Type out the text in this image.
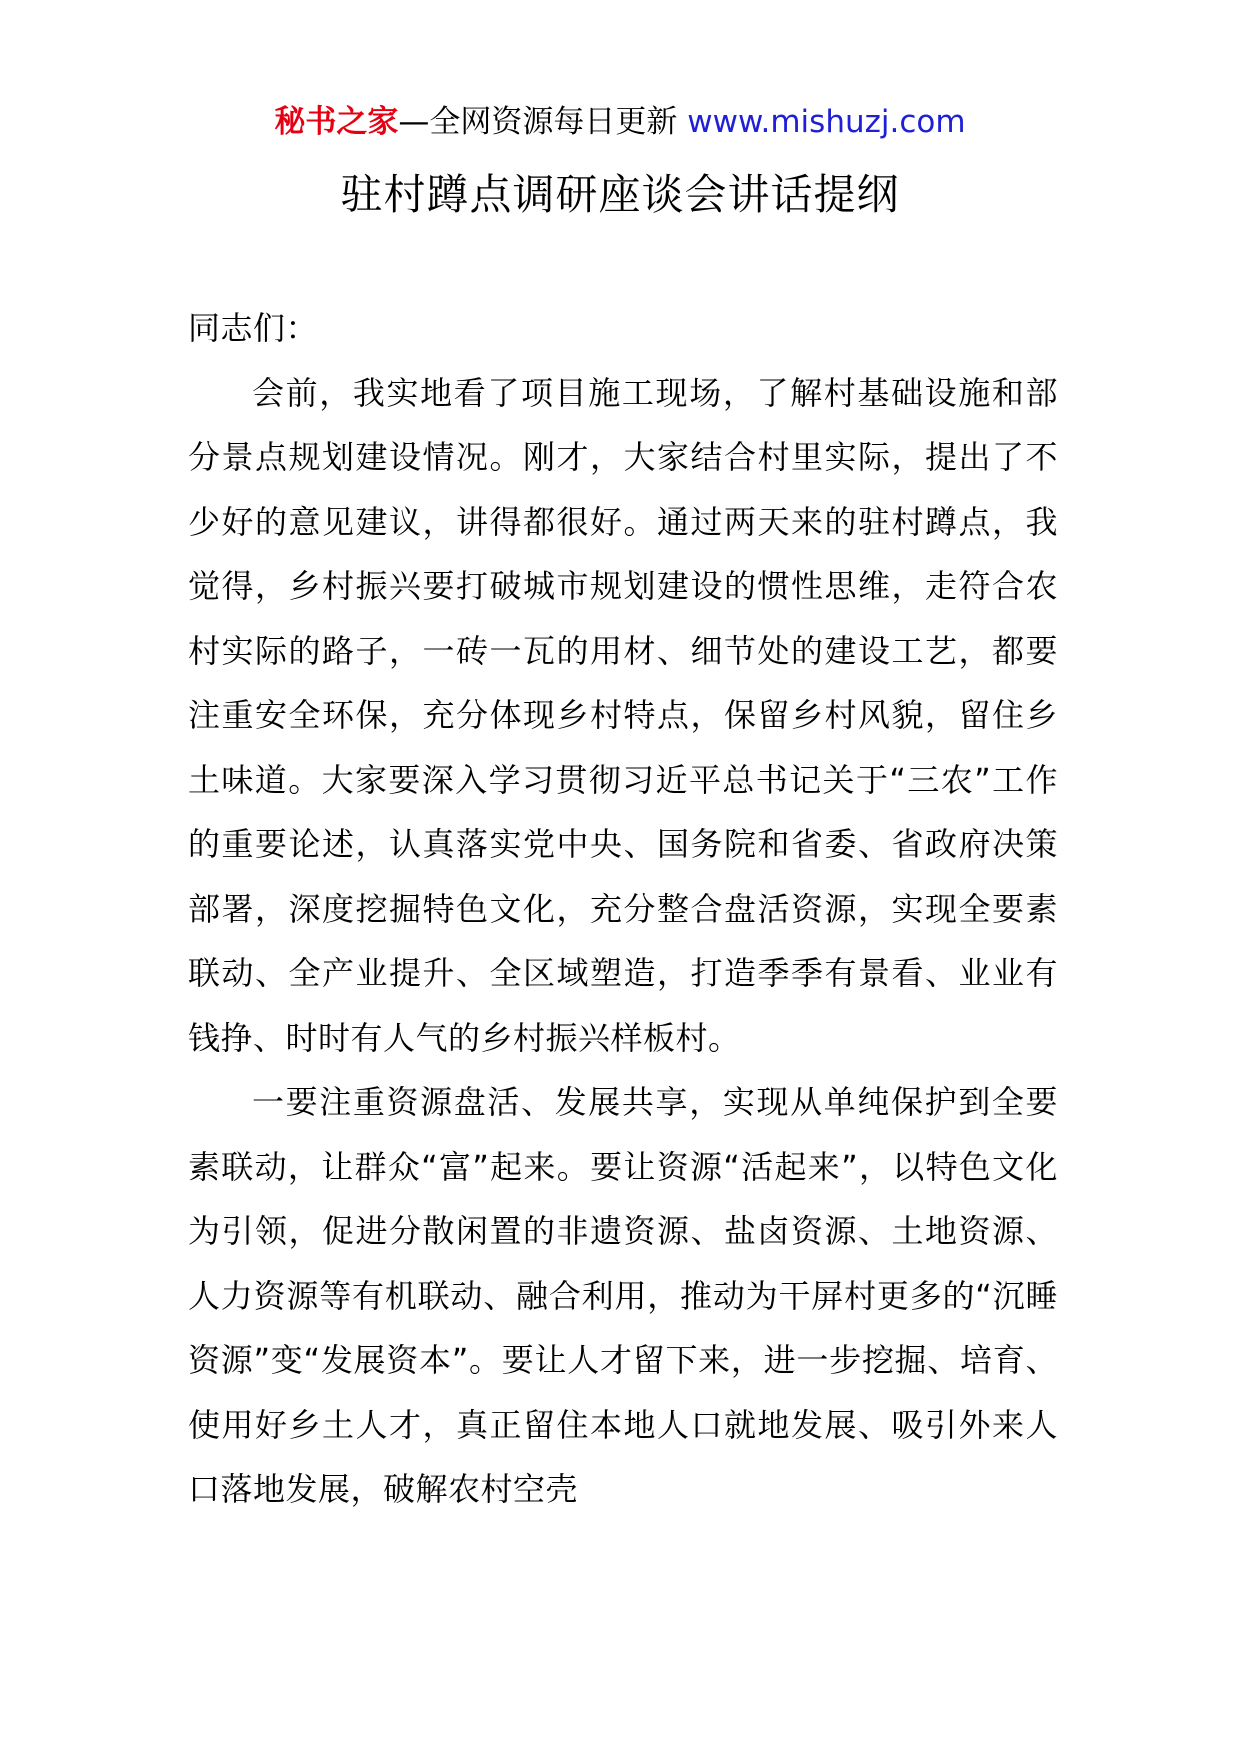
秘书之家—全网资源每日更新 www.mishuzj.com
驻村蹲点调研座谈会讲话提纲

同志们：

会前，我实地看了项目施工现场，了解村基础设施和部分景点规划建设情况。刚才，大家结合村里实际，提出了不少好的意见建议，讲得都很好。通过两天来的驻村蹲点，我觉得，乡村振兴要打破城市规划建设的惯性思维，走符合农村实际的路子，一砖一瓦的用材、细节处的建设工艺，都要注重安全环保，充分体现乡村特点，保留乡村风貌，留住乡土味道。大家要深入学习贯彻习近平总书记关于“三农”工作的重要论述，认真落实党中央、国务院和省委、省政府决策部署，深度挖掘特色文化，充分整合盘活资源，实现全要素联动、全产业提升、全区域塑造，打造季季有景看、业业有钱挣、时时有人气的乡村振兴样板村。

一要注重资源盘活、发展共享，实现从单纯保护到全要素联动，让群众“富”起来。要让资源“活起来”，以特色文化为引领，促进分散闲置的非遗资源、盐卤资源、土地资源、人力资源等有机联动、融合利用，推动为干屏村更多的“沉睡资源”变“发展资本”。要让人才留下来，进一步挖掘、培育、使用好乡土人才，真正留住本地人口就地发展、吸引外来人口落地发展，破解农村空壳
